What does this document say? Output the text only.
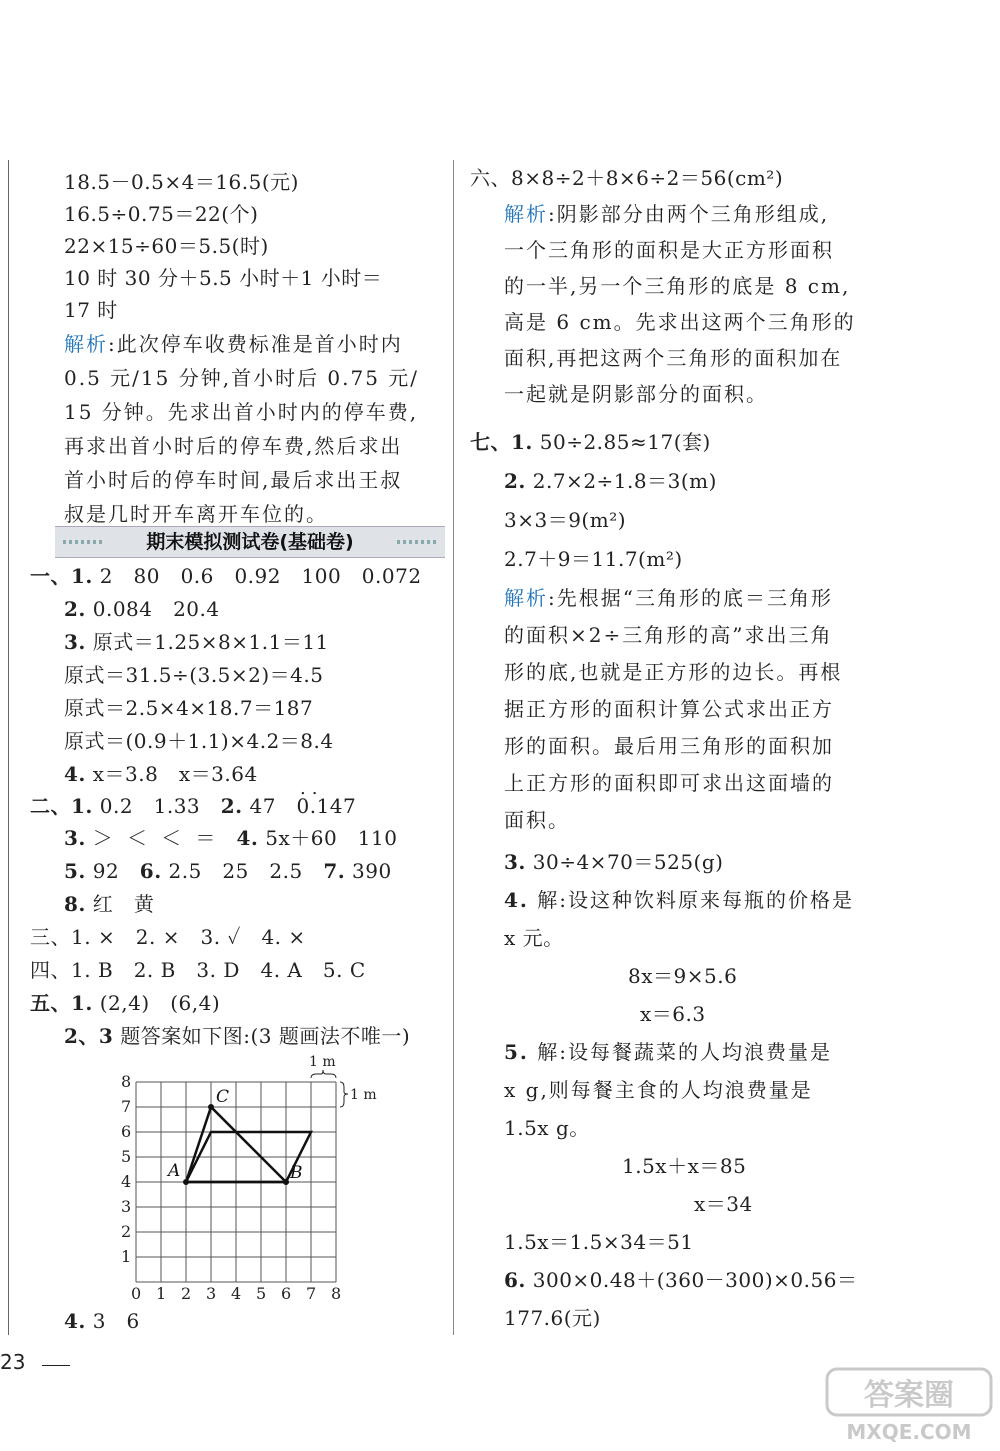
18.5－0.5×4＝16.5(元)
16.5÷0.75＝22(个)
22×15÷60＝5.5(时)
10 时 30 分＋5.5 小时＋1 小时＝
17 时
解析:此次停车收费标准是首小时内
0.5 元/15 分钟,首小时后 0.75 元/
15 分钟。先求出首小时内的停车费,
再求出首小时后的停车费,然后求出
首小时后的停车时间,最后求出王叔
叔是几时开车离开车位的。
期末模拟测试卷(基础卷)
一、1. 2   80   0.6   0.92   100   0.072
2. 0.084   20.4
3. 原式＝1.25×8×1.1＝11
原式＝31.5÷(3.5×2)＝4.5
原式＝2.5×4×18.7＝187
原式＝(0.9＋1.1)×4.2＝8.4
4. x＝3.8   x＝3.64
..
二、1. 0.2   1.33   2. 47   0.147
3. ＞  ＜  ＜  ＝   4. 5x＋60   110
5. 92   6. 2.5   25   2.5   7. 390
8. 红   黄
三、1. ×   2. ×   3. ✓   4. ×
四、1. B   2. B   3. D   4. A   5. C
五、1. (2,4)   (6,4)
2、3 题答案如下图:(3 题画法不唯一)
8
7
6
5
4
3
2
1
0 1 2 3 4 5 6 7 8
A	B
C
1 m
1 m
4. 3   6
六、8×8÷2＋8×6÷2＝56(cm²)
解析:阴影部分由两个三角形组成,
一个三角形的面积是大正方形面积
的一半,另一个三角形的底是 8 cm,
高是 6 cm。先求出这两个三角形的
面积,再把这两个三角形的面积加在
一起就是阴影部分的面积。
七、1. 50÷2.85≈17(套)
2. 2.7×2÷1.8＝3(m)
3×3＝9(m²)
2.7＋9＝11.7(m²)
解析:先根据“三角形的底＝三角形
的面积×2÷三角形的高”求出三角
形的底,也就是正方形的边长。再根
据正方形的面积计算公式求出正方
形的面积。最后用三角形的面积加
上正方形的面积即可求出这面墙的
面积。
3. 30÷4×70＝525(g)
4. 解:设这种饮料原来每瓶的价格是
x 元。
8x＝9×5.6
x＝6.3
5. 解:设每餐蔬菜的人均浪费量是
x g,则每餐主食的人均浪费量是
1.5x g。
1.5x＋x＝85
x＝34
1.5x＝1.5×34＝51
6. 300×0.48＋(360－300)×0.56＝
177.6(元)
23
答案圈
MXQE.COM
